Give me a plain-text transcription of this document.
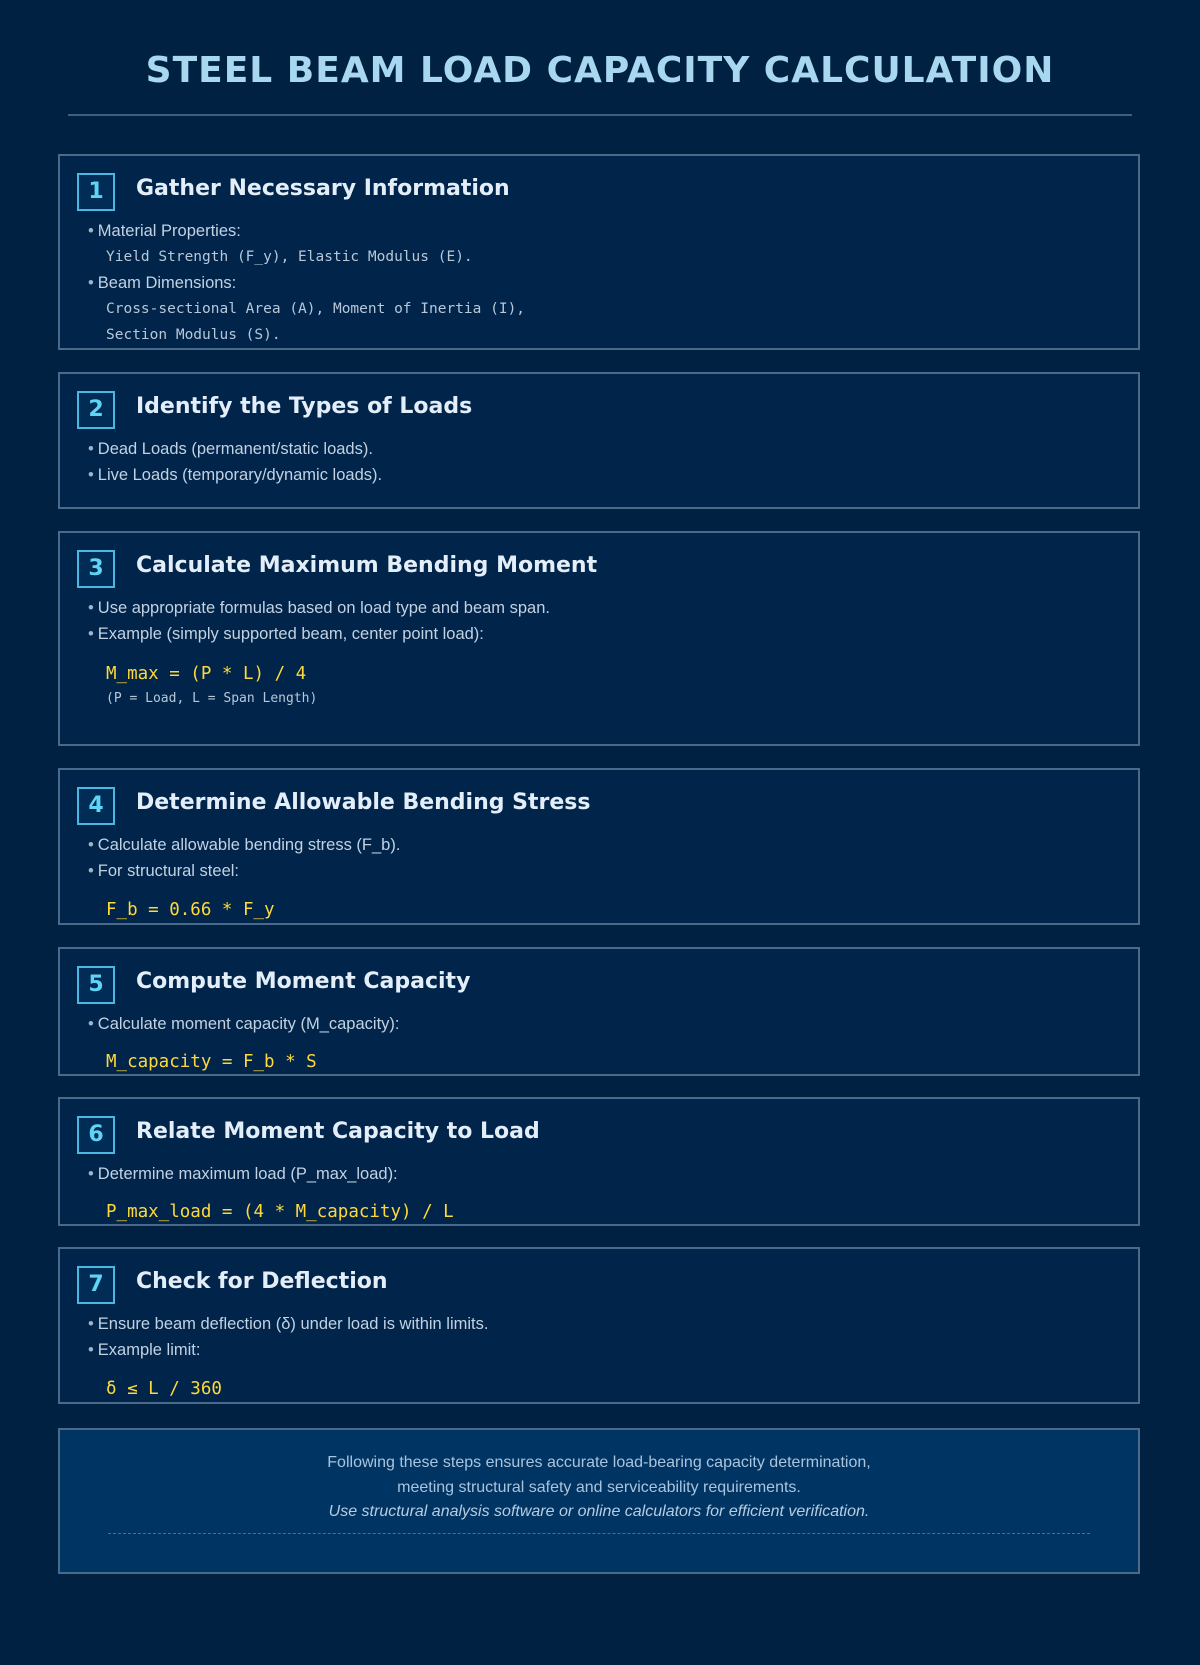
STEEL BEAM LOAD CAPACITY CALCULATION
1	Gather Necessary Information
• Material Properties:
Yield Strength (F_y), Elastic Modulus (E).
• Beam Dimensions:
Cross-sectional Area (A), Moment of Inertia (I),
Section Modulus (S).
2	Identify the Types of Loads
• Dead Loads (permanent/static loads).
• Live Loads (temporary/dynamic loads).
3	Calculate Maximum Bending Moment
• Use appropriate formulas based on load type and beam span.
• Example (simply supported beam, center point load):
M_max = (P * L) / 4
(P = Load, L = Span Length)
4	Determine Allowable Bending Stress
• Calculate allowable bending stress (F_b).
• For structural steel:
F_b = 0.66 * F_y
5	Compute Moment Capacity
• Calculate moment capacity (M_capacity):
M_capacity = F_b * S
6	Relate Moment Capacity to Load
• Determine maximum load (P_max_load):
P_max_load = (4 * M_capacity) / L
7	Check for Deflection
• Ensure beam deflection (δ) under load is within limits.
• Example limit:
δ ≤ L / 360
Following these steps ensures accurate load-bearing capacity determination,
meeting structural safety and serviceability requirements.
Use structural analysis software or online calculators for efficient verification.
